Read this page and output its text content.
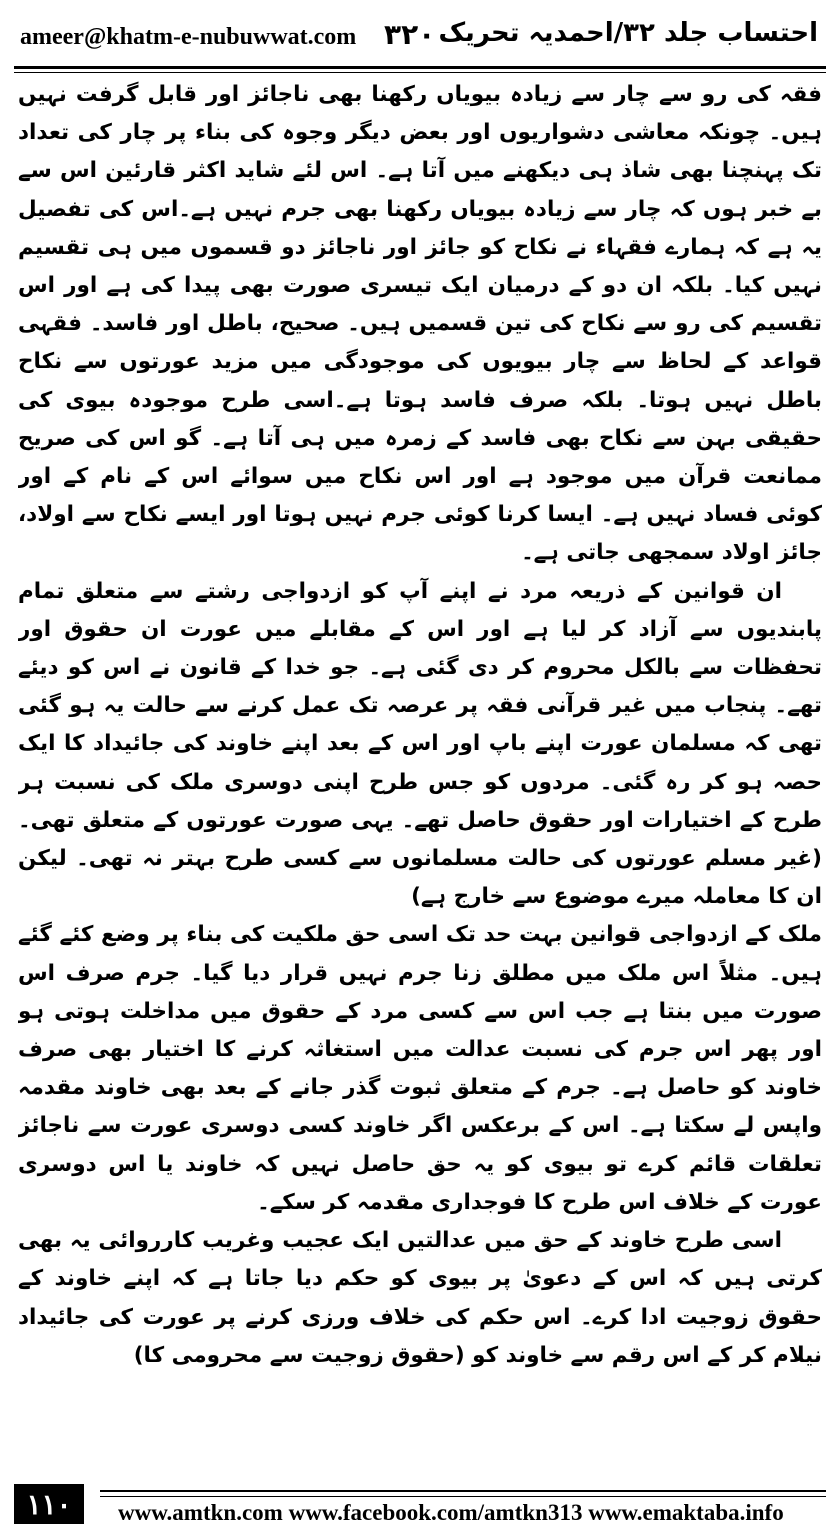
ameer@khatm-e-nubuwwat.com ۳۲۰ احتساب جلد ۳۲/احمدیہ تحریک

فقہ کی رو سے چار سے زیادہ بیویاں رکھنا بھی ناجائز اور قابل گرفت نہیں ہیں۔ چونکہ معاشی دشواریوں اور بعض دیگر وجوہ کی بناء پر چار کی تعداد تک پہنچنا بھی شاذ ہی دیکھنے میں آتا ہے۔ اس لئے شاید اکثر قارئین اس سے بے خبر ہوں کہ چار سے زیادہ بیویاں رکھنا بھی جرم نہیں ہے۔اس کی تفصیل یہ ہے کہ ہمارے فقہاء نے نکاح کو جائز اور ناجائز دو قسموں میں ہی تقسیم نہیں کیا۔ بلکہ ان دو کے درمیان ایک تیسری صورت بھی پیدا کی ہے اور اس تقسیم کی رو سے نکاح کی تین قسمیں ہیں۔ صحیح، باطل اور فاسد۔ فقہی قواعد کے لحاظ سے چار بیویوں کی موجودگی میں مزید عورتوں سے نکاح باطل نہیں ہوتا۔ بلکہ صرف فاسد ہوتا ہے۔اسی طرح موجودہ بیوی کی حقیقی بہن سے نکاح بھی فاسد کے زمرہ میں ہی آتا ہے۔ گو اس کی صریح ممانعت قرآن میں موجود ہے اور اس نکاح میں سوائے اس کے نام کے اور کوئی فساد نہیں ہے۔ ایسا کرنا کوئی جرم نہیں ہوتا اور ایسے نکاح سے اولاد، جائز اولاد سمجھی جاتی ہے۔

ان قوانین کے ذریعہ مرد نے اپنے آپ کو ازدواجی رشتے سے متعلق تمام پابندیوں سے آزاد کر لیا ہے اور اس کے مقابلے میں عورت ان حقوق اور تحفظات سے بالکل محروم کر دی گئی ہے۔ جو خدا کے قانون نے اس کو دیئے تھے۔ پنجاب میں غیر قرآنی فقہ پر عرصہ تک عمل کرنے سے حالت یہ ہو گئی تھی کہ مسلمان عورت اپنے باپ اور اس کے بعد اپنے خاوند کی جائیداد کا ایک حصہ ہو کر رہ گئی۔ مردوں کو جس طرح اپنی دوسری ملک کی نسبت ہر طرح کے اختیارات اور حقوق حاصل تھے۔ یہی صورت عورتوں کے متعلق تھی۔ (غیر مسلم عورتوں کی حالت مسلمانوں سے کسی طرح بہتر نہ تھی۔ لیکن ان کا معاملہ میرے موضوع سے خارج ہے)

ملک کے ازدواجی قوانین بہت حد تک اسی حق ملکیت کی بناء پر وضع کئے گئے ہیں۔ مثلاً اس ملک میں مطلق زنا جرم نہیں قرار دیا گیا۔ جرم صرف اس صورت میں بنتا ہے جب اس سے کسی مرد کے حقوق میں مداخلت ہوتی ہو اور پھر اس جرم کی نسبت عدالت میں استغاثہ کرنے کا اختیار بھی صرف خاوند کو حاصل ہے۔ جرم کے متعلق ثبوت گذر جانے کے بعد بھی خاوند مقدمہ واپس لے سکتا ہے۔ اس کے برعکس اگر خاوند کسی دوسری عورت سے ناجائز تعلقات قائم کرے تو بیوی کو یہ حق حاصل نہیں کہ خاوند یا اس دوسری عورت کے خلاف اس طرح کا فوجداری مقدمہ کر سکے۔

اسی طرح خاوند کے حق میں عدالتیں ایک عجیب وغریب کارروائی یہ بھی کرتی ہیں کہ اس کے دعویٰ پر بیوی کو حکم دیا جاتا ہے کہ اپنے خاوند کے حقوق زوجیت ادا کرے۔ اس حکم کی خلاف ورزی کرنے پر عورت کی جائیداد نیلام کر کے اس رقم سے خاوند کو (حقوق زوجیت سے محرومی کا)

۱۱۰	www.amtkn.com www.facebook.com/amtkn313 www.emaktaba.info
